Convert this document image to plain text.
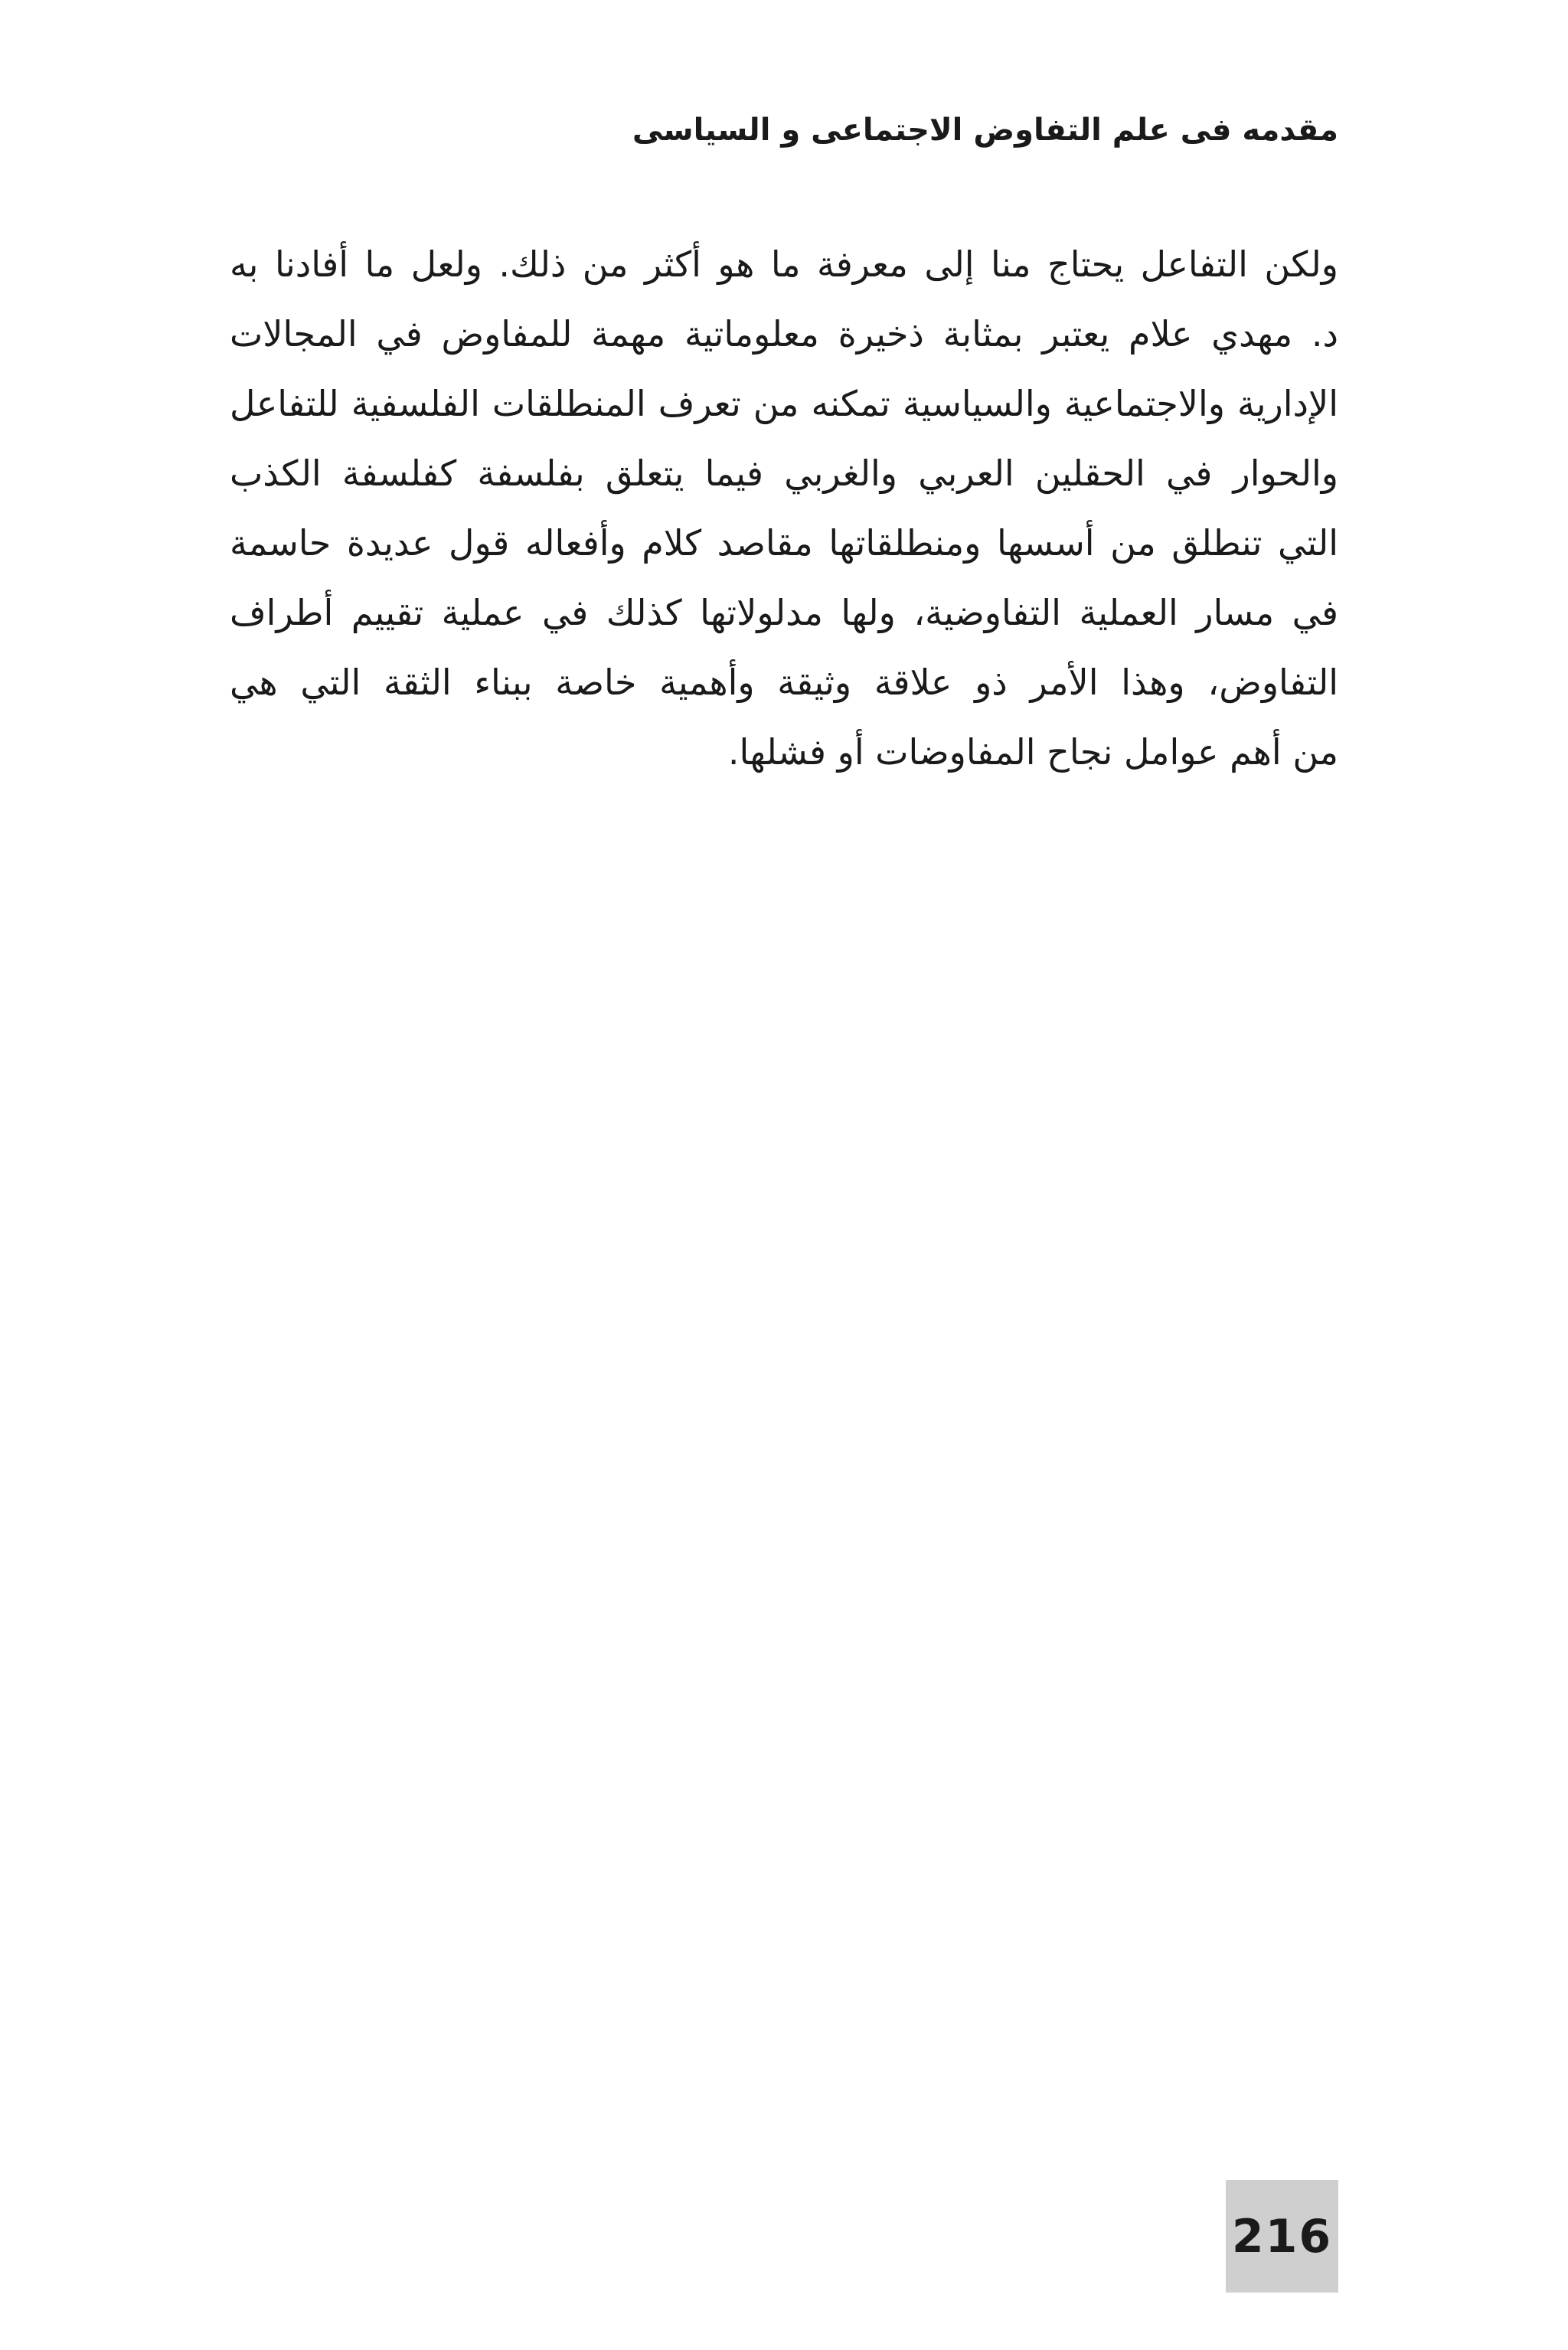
مقدمه فى علم التفاوض الاجتماعى و السياسى
ولكن التفاعل يحتاج منا إلى معرفة ما هو أكثر من ذلك. ولعل ما أفادنا به
د. مهدي علام يعتبر بمثابة ذخيرة معلوماتية مهمة للمفاوض في المجالات
الإدارية والاجتماعية والسياسية تمكنه من تعرف المنطلقات الفلسفية للتفاعل
والحوار في الحقلين العربي والغربي فيما يتعلق بفلسفة كفلسفة الكذب
التي تنطلق من أسسها ومنطلقاتها مقاصد كلام وأفعاله قول عديدة حاسمة
في مسار العملية التفاوضية، ولها مدلولاتها كذلك في عملية تقييم أطراف
التفاوض، وهذا الأمر ذو علاقة وثيقة وأهمية خاصة ببناء الثقة التي هي
من أهم عوامل نجاح المفاوضات أو فشلها.
216
